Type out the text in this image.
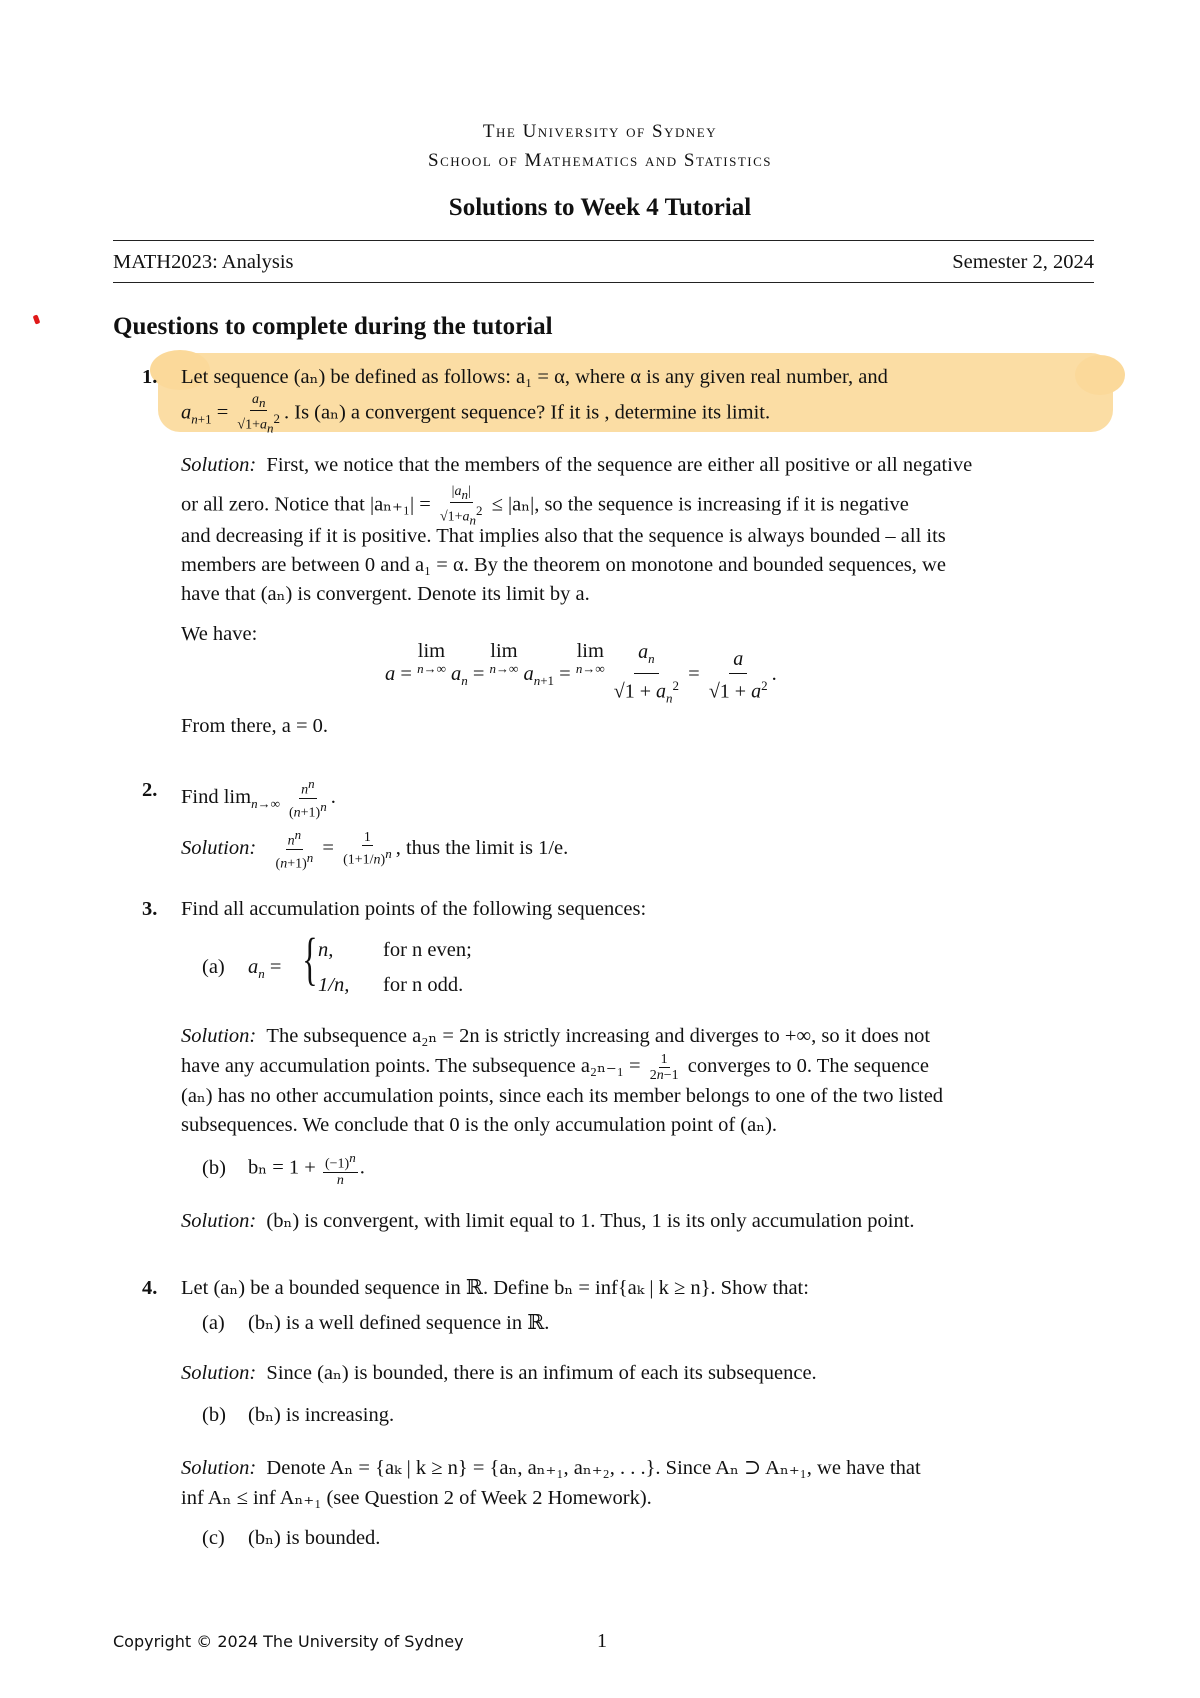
The University of Sydney
School of Mathematics and Statistics
Solutions to Week 4 Tutorial
MATH2023: Analysis	Semester 2, 2024
Questions to complete during the tutorial
1. Let sequence (aₙ) be defined as follows: a₁ = α, where α is any given real number, and
$a_{n+1} = \frac{a_n}{√1+a_n^2}$ . Is (aₙ) a convergent sequence? If it is , determine its limit.
Solution: First, we notice that the members of the sequence are either all positive or all negative
or all zero. Notice that $|a_{n+1}| = \frac{|a_n|}{√1+a_n^2} \le |a_n|$, so the sequence is increasing if it is negative
and decreasing if it is positive. That implies also that the sequence is always bounded – all its
members are between 0 and a₁ = α. By the theorem on monotone and bounded sequences, we
have that (aₙ) is convergent. Denote its limit by a.
We have:
a =
lim
n→∞ $a_n$ =
lim
n→∞ $a_{n+1}$ =
lim
n→∞
$\frac{a_n}{√1 + a_n^2} = \frac{a}{√1 + a^2}$ .
From there, a = 0.
2. Find $\lim_{n\to\infty} \frac{n^n}{(n+1)^n}$ .
Solution: $\frac{n^n}{(n+1)^n} = \frac{1}{(1+1/n)^n}$ , thus the limit is 1/e.
3. Find all accumulation points of the following sequences:
(a) $a_n$ = { n, for n even;
1/n, for n odd.
Solution: The subsequence a₂ₙ = 2n is strictly increasing and diverges to +∞, so it does not
have any accumulation points. The subsequence $a_{2n-1} = \frac{1}{2n-1}$ converges to 0. The sequence
(aₙ) has no other accumulation points, since each its member belongs to one of the two listed
subsequences. We conclude that 0 is the only accumulation point of (aₙ).
(b) $b_n = 1 + \frac{(-1)^n}{n}$ .
Solution: (bₙ) is convergent, with limit equal to 1. Thus, 1 is its only accumulation point.
4. Let (aₙ) be a bounded sequence in ℝ. Define bₙ = inf{aₖ | k ≥ n}. Show that:
(a) (bₙ) is a well defined sequence in ℝ.
Solution: Since (aₙ) is bounded, there is an infimum of each its subsequence.
(b) (bₙ) is increasing.
Solution: Denote Aₙ = {aₖ | k ≥ n} = {aₙ, aₙ₊₁, aₙ₊₂, . . .}. Since Aₙ ⊃ Aₙ₊₁, we have that
inf Aₙ ≤ inf Aₙ₊₁ (see Question 2 of Week 2 Homework).
(c) (bₙ) is bounded.
Copyright © 2024 The University of Sydney	1
